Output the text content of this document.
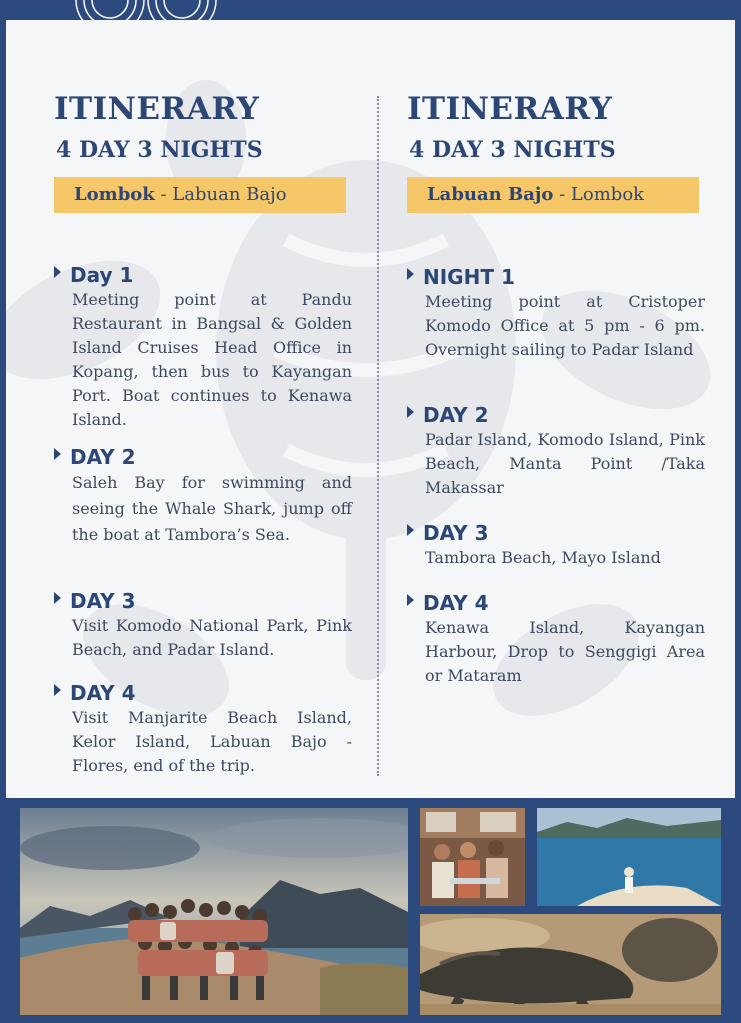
ITINERARY
4 DAY 3 NIGHTS
Lombok - Labuan Bajo
Day 1
Meeting point at Pandu Restaurant in Bangsal & Golden Island Cruises Head Office in Kopang, then bus to Kayangan Port. Boat continues to Kenawa Island.
DAY 2
Saleh Bay for swimming and seeing the Whale Shark, jump off the boat at Tambora’s Sea.
DAY 3
Visit Komodo National Park, Pink Beach, and Padar Island.
DAY 4
Visit Manjarite Beach Island, Kelor Island, Labuan Bajo - Flores, end of the trip.
ITINERARY
4 DAY 3 NIGHTS
Labuan Bajo - Lombok
NIGHT 1
Meeting point at Cristoper Komodo Office at 5 pm - 6 pm. Overnight sailing to Padar Island
DAY 2
Padar Island, Komodo Island, Pink Beach, Manta Point /Taka Makassar
DAY 3
Tambora Beach, Mayo Island
DAY 4
Kenawa Island, Kayangan Harbour, Drop to Senggigi Area or Mataram
